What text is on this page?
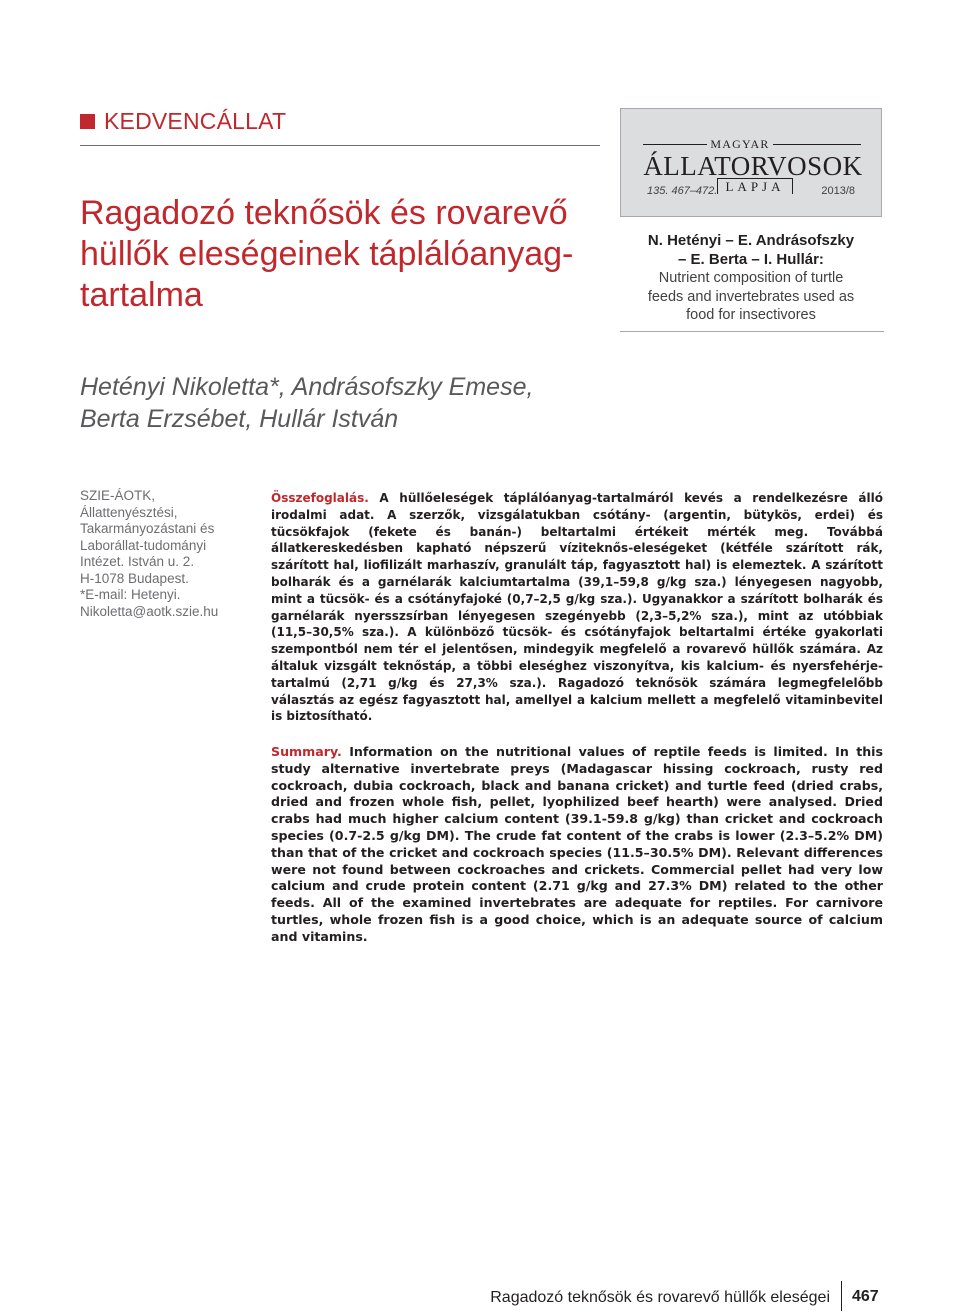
KEDVENCÁLLAT
Ragadozó teknősök és rovarevő
hüllők eleségeinek táplálóanyag-
tartalma
MAGYAR
ÁLLATORVOSOK
LAPJA
135. 467–472.	2013/8
N. Hetényi – E. Andrásofszky
– E. Berta – I. Hullár:
Nutrient composition of turtle
feeds and invertebrates used as
food for insectivores
Hetényi Nikoletta*, Andrásofszky Emese,
Berta Erzsébet, Hullár István
SZIE-ÁOTK,
Állattenyésztési,
Takarmányozástani és
Laborállat-tudományi
Intézet. István u. 2.
H-1078 Budapest.
*E-mail: Hetenyi.
Nikoletta@aotk.szie.hu
Összefoglalás. A hüllőeleségek táplálóanyag-tartalmáról kevés a rendelkezésre álló irodalmi adat. A szerzők, vizsgálatukban csótány- (argentin, bütykös, erdei) és tücsökfajok (fekete és banán-) beltartalmi értékeit mérték meg. Továbbá állatkereskedésben kapható népszerű víziteknős-eleségeket (kétféle szárított rák, szárított hal, liofilizált marhaszív, granulált táp, fagyasztott hal) is elemeztek. A szárított bolharák és a garnélarák kalciumtartalma (39,1–59,8 g/kg sza.) lényegesen nagyobb, mint a tücsök- és a csótányfajoké (0,7–2,5 g/kg sza.). Ugyanakkor a szárított bolharák és garnélarák nyersszsírban lényegesen szegényebb (2,3–5,2% sza.), mint az utóbbiak (11,5–30,5% sza.). A különböző tücsök- és csótányfajok beltartalmi értéke gyakorlati szempontból nem tér el jelentősen, mindegyik megfelelő a rovarevő hüllők számára. Az általuk vizsgált teknőstáp, a többi eleséghez viszonyítva, kis kalcium- és nyersfehérje-tartalmú (2,71 g/kg és 27,3% sza.). Ragadozó teknősök számára legmegfelelőbb választás az egész fagyasztott hal, amellyel a kalcium mellett a megfelelő vitaminbevitel is biztosítható.
Summary. Information on the nutritional values of reptile feeds is limited. In this study alternative invertebrate preys (Madagascar hissing cockroach, rusty red cockroach, dubia cockroach, black and banana cricket) and turtle feed (dried crabs, dried and frozen whole fish, pellet, lyophilized beef hearth) were analysed. Dried crabs had much higher calcium content (39.1-59.8 g/kg) than cricket and cockroach species (0.7-2.5 g/kg DM). The crude fat content of the crabs is lower (2.3–5.2% DM) than that of the cricket and cockroach species (11.5–30.5% DM). Relevant differences were not found between cockroaches and crickets. Commercial pellet had very low calcium and crude protein content (2.71 g/kg and 27.3% DM) related to the other feeds. All of the examined invertebrates are adequate for reptiles. For carnivore turtles, whole frozen fish is a good choice, which is an adequate source of calcium and vitamins.
Ragadozó teknősök és rovarevő hüllők eleségei 467
